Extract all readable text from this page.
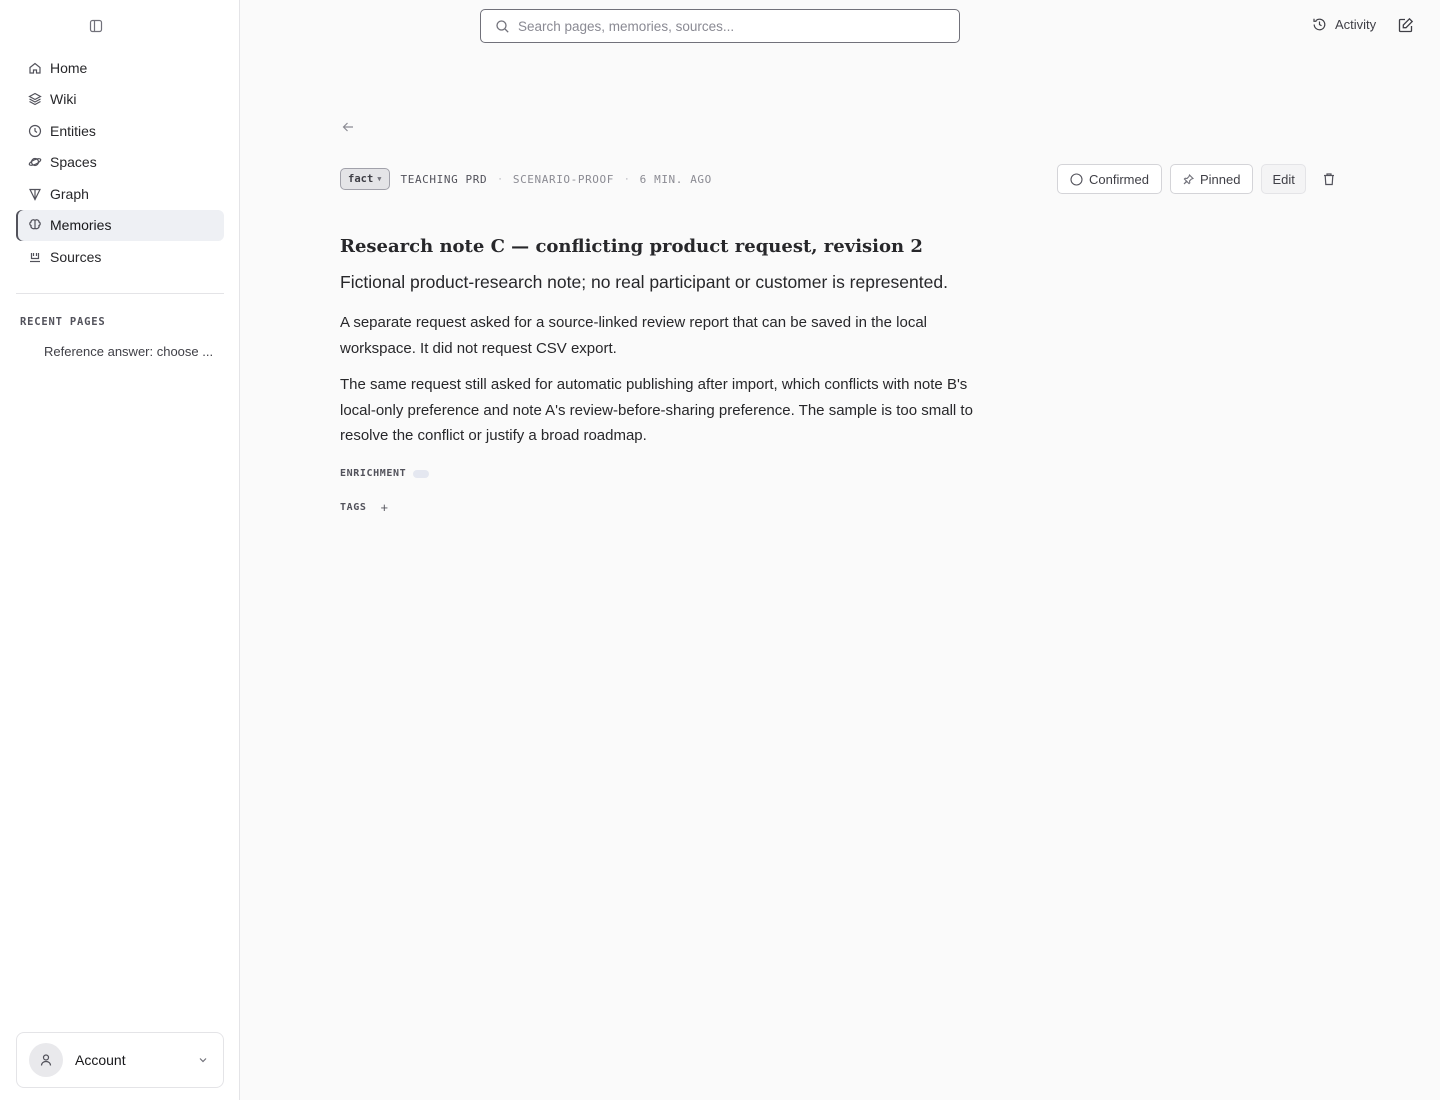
Home
Wiki
Entities
Spaces
Graph
Memories
Sources
RECENT PAGES
Reference answer: choose ...
Account
Search pages, memories, sources...
Activity
fact ▼ TEACHING PRD · SCENARIO-PROOF · 6 MIN. AGO	Confirmed	Pinned Edit
Research note C — conflicting product request, revision 2
Fictional product-research note; no real participant or customer is represented.
A separate request asked for a source-linked review report that can be saved in the local workspace. It did not request CSV export.
The same request still asked for automatic publishing after import, which conflicts with note B's local-only preference and note A's review-before-sharing preference. The sample is too small to resolve the conflict or justify a broad roadmap.
ENRICHMENT
TAGS +
